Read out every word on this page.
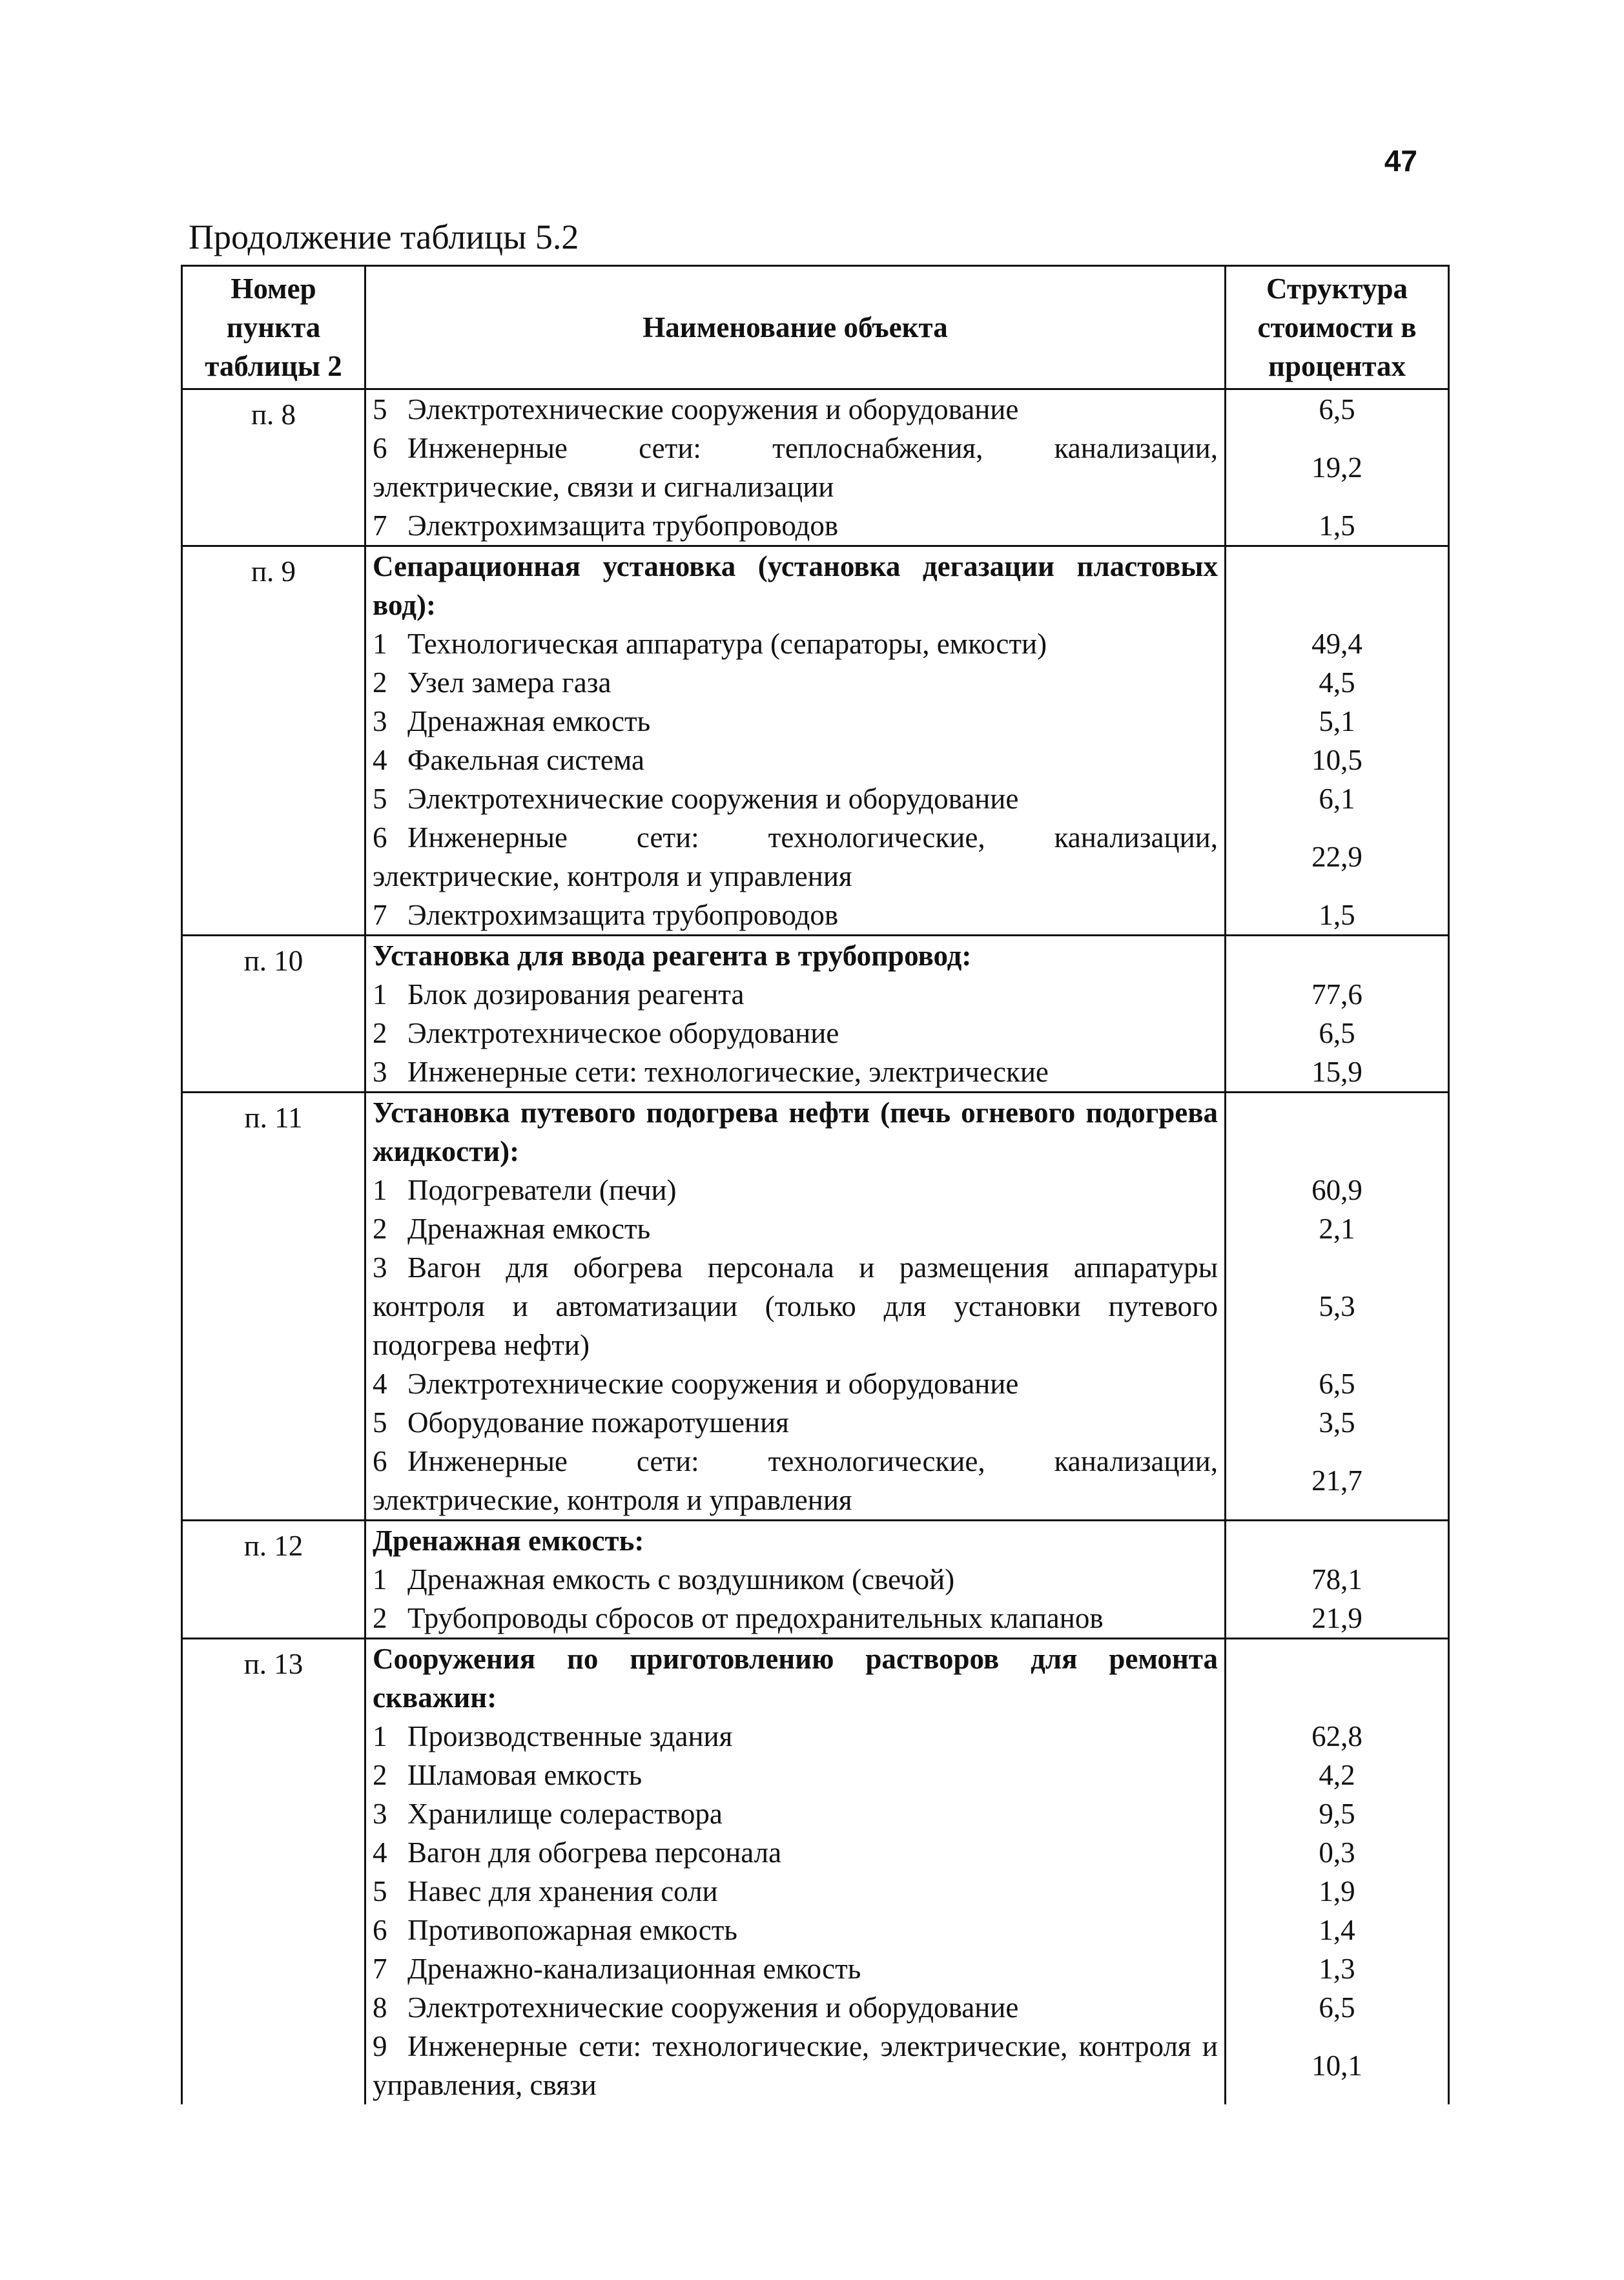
47
Продолжение таблицы 5.2
Номер пункта таблицы 2	Наименование объекта	Структура стоимости в процентах
п. 8	5 Электротехнические сооружения и оборудование	6,5
	6 Инженерные сети: теплоснабжения, канализации, электрические, связи и сигнализации	19,2
	7 Электрохимзащита трубопроводов	1,5
п. 9	Сепарационная установка (установка дегазации пластовых вод):	
	1 Технологическая аппаратура (сепараторы, емкости)	49,4
	2 Узел замера газа	4,5
	3 Дренажная емкость	5,1
	4 Факельная система	10,5
	5 Электротехнические сооружения и оборудование	6,1
	6 Инженерные сети: технологические, канализации, электрические, контроля и управления	22,9
	7 Электрохимзащита трубопроводов	1,5
п. 10	Установка для ввода реагента в трубопровод:	
	1 Блок дозирования реагента	77,6
	2 Электротехническое оборудование	6,5
	3 Инженерные сети: технологические, электрические	15,9
п. 11	Установка путевого подогрева нефти (печь огневого подогрева жидкости):	
	1 Подогреватели (печи)	60,9
	2 Дренажная емкость	2,1
	3 Вагон для обогрева персонала и размещения аппаратуры контроля и автоматизации (только для установки путевого подогрева нефти)	5,3
	4 Электротехнические сооружения и оборудование	6,5
	5 Оборудование пожаротушения	3,5
	6 Инженерные сети: технологические, канализации, электрические, контроля и управления	21,7
п. 12	Дренажная емкость:	
	1 Дренажная емкость с воздушником (свечой)	78,1
	2 Трубопроводы сбросов от предохранительных клапанов	21,9
п. 13	Сооружения по приготовлению растворов для ремонта скважин:	
	1 Производственные здания	62,8
	2 Шламовая емкость	4,2
	3 Хранилище солераствора	9,5
	4 Вагон для обогрева персонала	0,3
	5 Навес для хранения соли	1,9
	6 Противопожарная емкость	1,4
	7 Дренажно-канализационная емкость	1,3
	8 Электротехнические сооружения и оборудование	6,5
	9 Инженерные сети: технологические, электрические, контроля и управления, связи	10,1
